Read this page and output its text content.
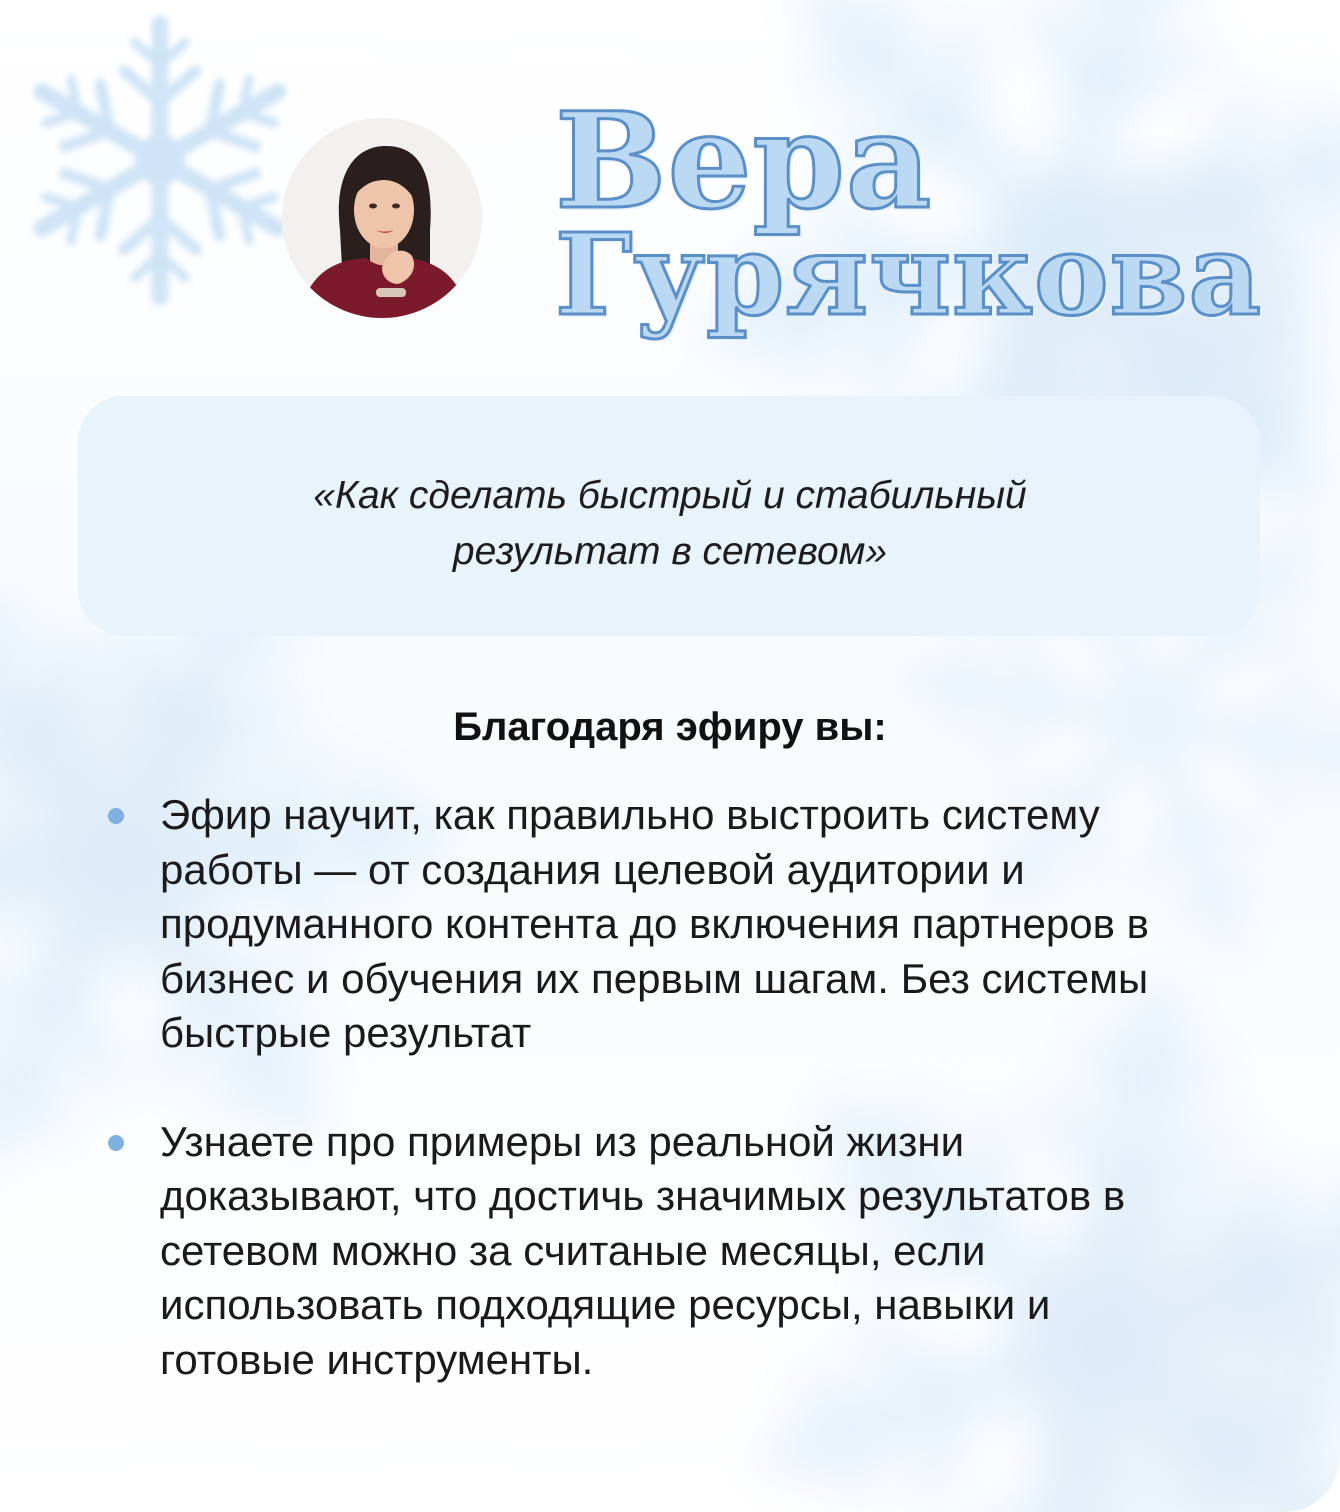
Вера
Гурячкова
«Как сделать быстрый и стабильный
результат в сетевом»
Благодаря эфиру вы:
Эфир научит, как правильно выстроить систему
работы — от создания целевой аудитории и
продуманного контента до включения партнеров в
бизнес и обучения их первым шагам. Без системы
быстрые результат
Узнаете про примеры из реальной жизни
доказывают, что достичь значимых результатов в
сетевом можно за считаные месяцы, если
использовать подходящие ресурсы, навыки и
готовые инструменты.
